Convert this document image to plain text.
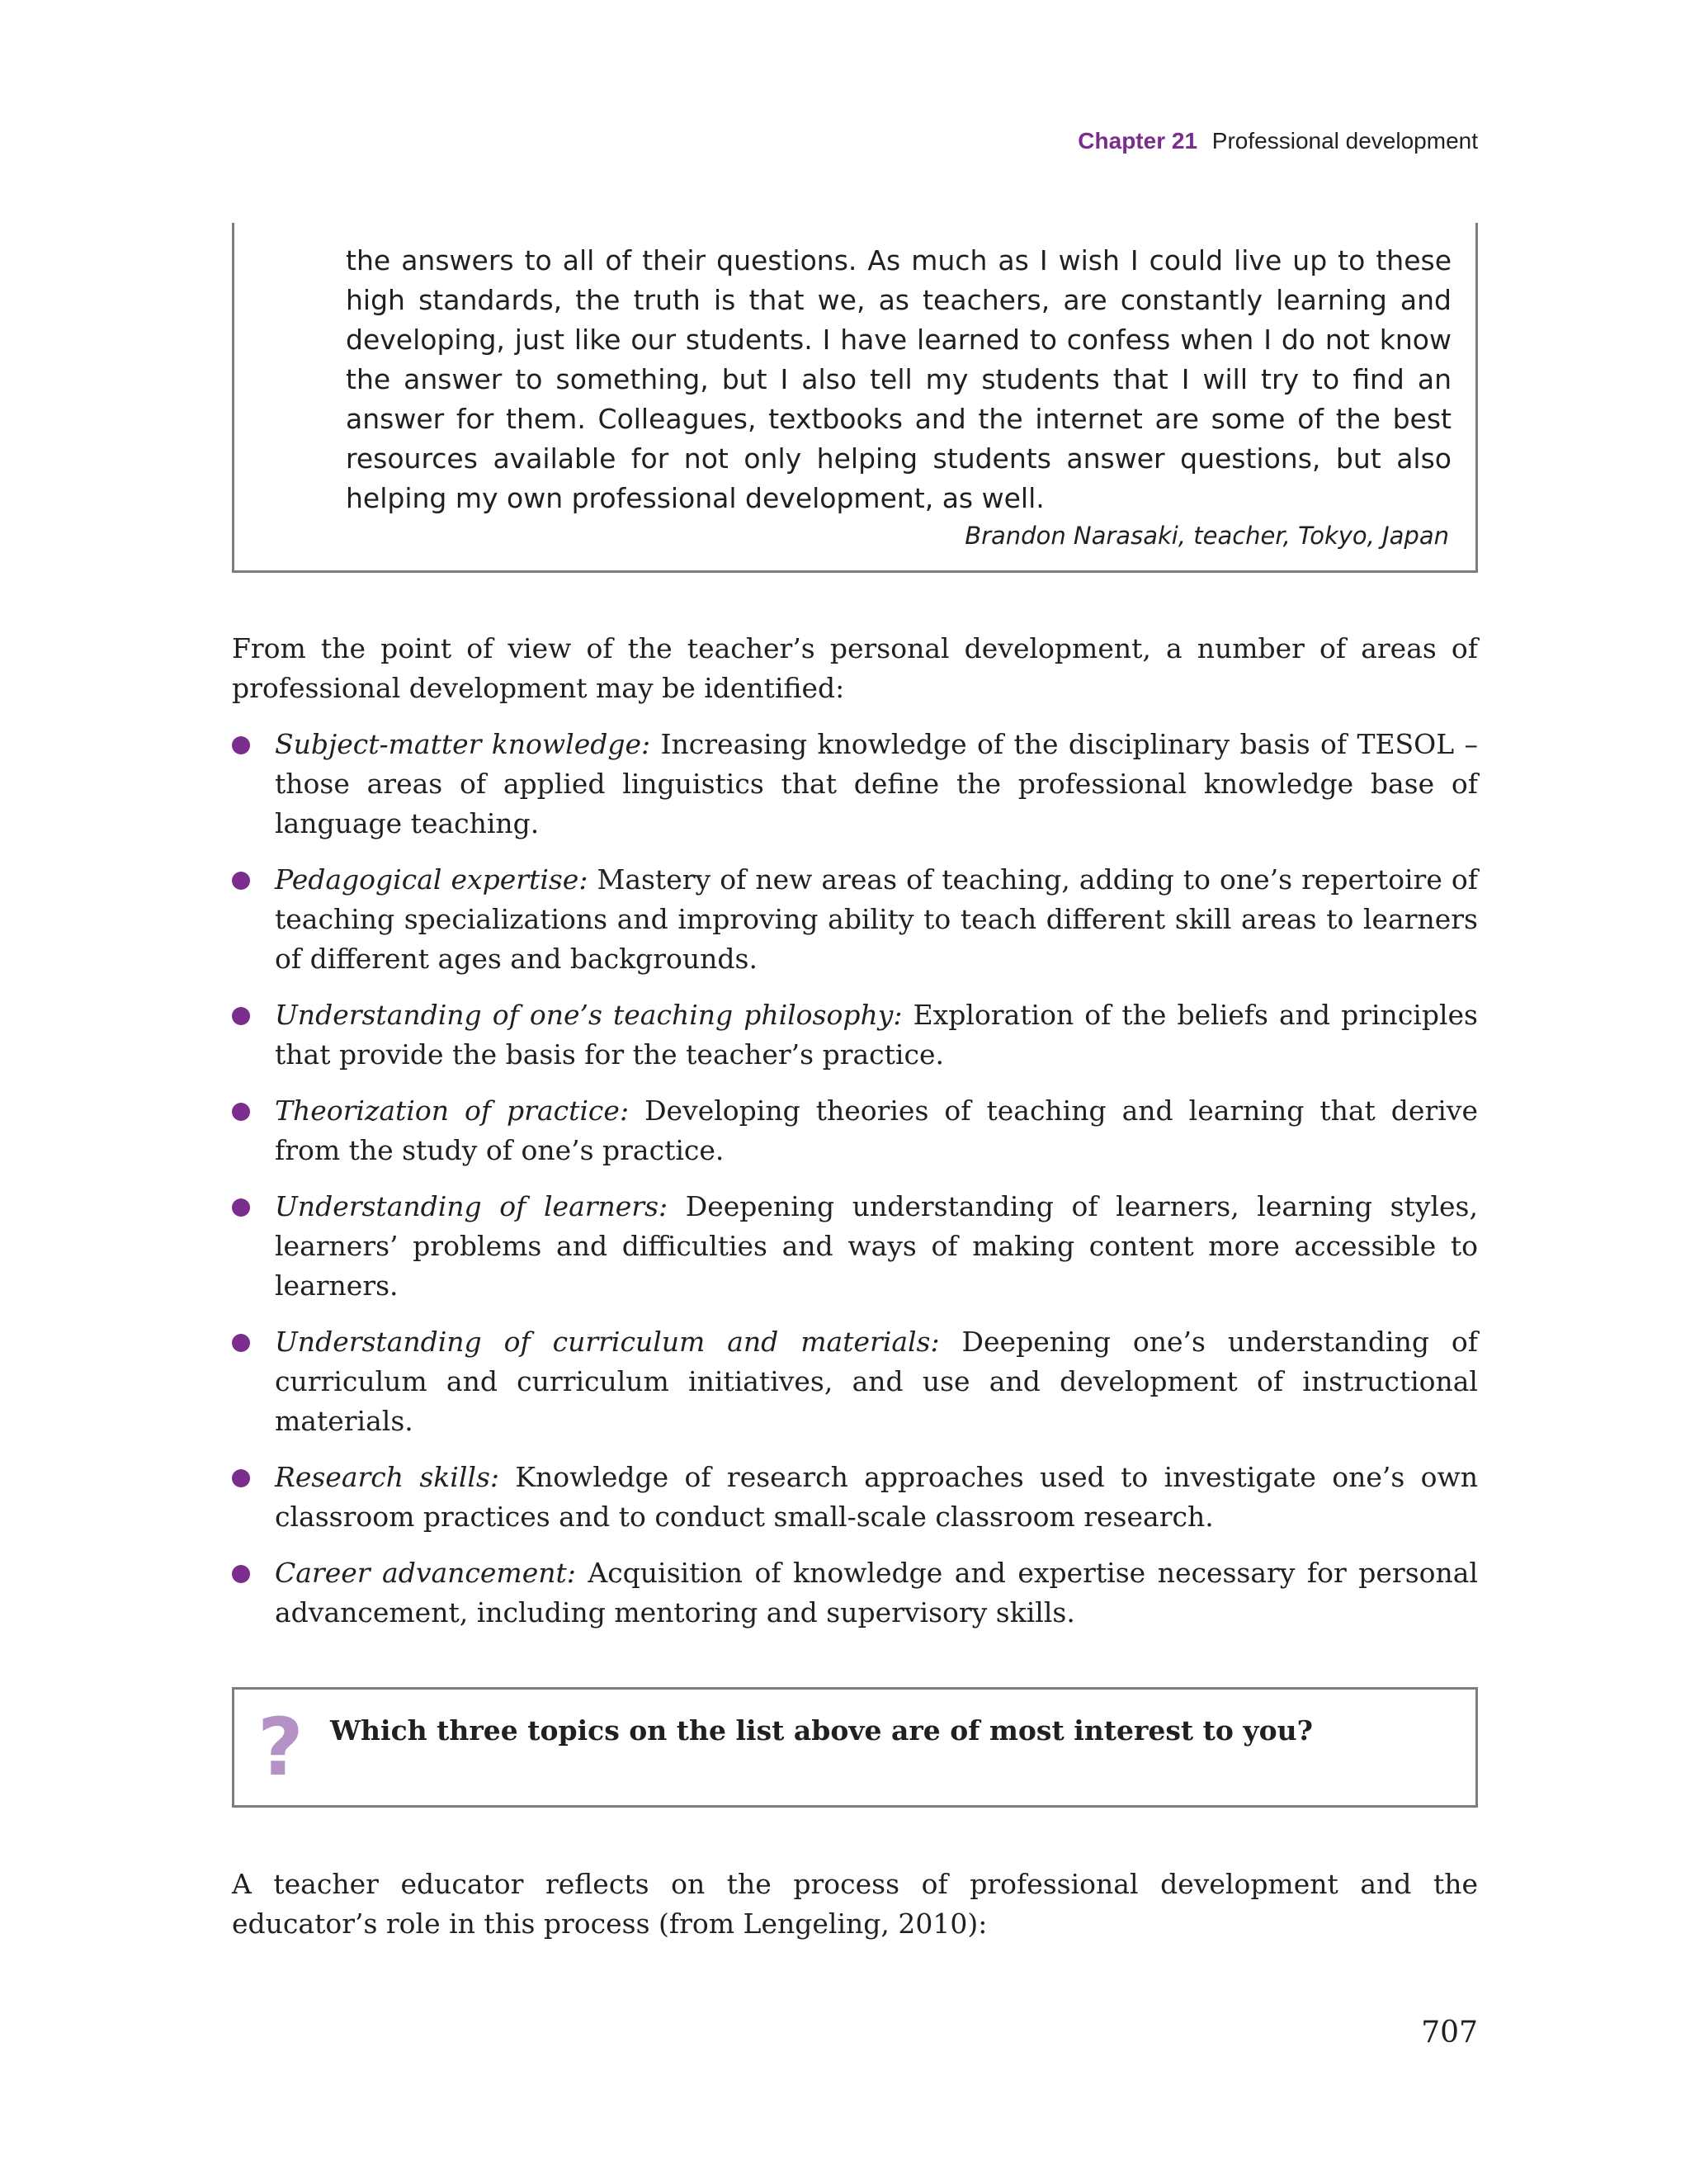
Chapter 21 Professional development

the answers to all of their questions. As much as I wish I could live up to these high standards, the truth is that we, as teachers, are constantly learning and developing, just like our students. I have learned to confess when I do not know the answer to something, but I also tell my students that I will try to find an answer for them. Colleagues, textbooks and the internet are some of the best resources available for not only helping students answer questions, but also helping my own professional development, as well.

Brandon Narasaki, teacher, Tokyo, Japan

From the point of view of the teacher’s personal development, a number of areas of professional development may be identified:

Subject-matter knowledge: Increasing knowledge of the disciplinary basis of TESOL – those areas of applied linguistics that define the professional knowledge base of language teaching.
Pedagogical expertise: Mastery of new areas of teaching, adding to one’s repertoire of teaching specializations and improving ability to teach different skill areas to learners of different ages and backgrounds.
Understanding of one’s teaching philosophy: Exploration of the beliefs and principles that provide the basis for the teacher’s practice.
Theorization of practice: Developing theories of teaching and learning that derive from the study of one’s practice.
Understanding of learners: Deepening understanding of learners, learning styles, learners’ problems and difficulties and ways of making content more accessible to learners.
Understanding of curriculum and materials: Deepening one’s understanding of curriculum and curriculum initiatives, and use and development of instructional materials.
Research skills: Knowledge of research approaches used to investigate one’s own classroom practices and to conduct small-scale classroom research.
Career advancement: Acquisition of knowledge and expertise necessary for personal advancement, including mentoring and supervisory skills.
? Which three topics on the list above are of most interest to you?

A teacher educator reflects on the process of professional development and the educator’s role in this process (from Lengeling, 2010):

707
